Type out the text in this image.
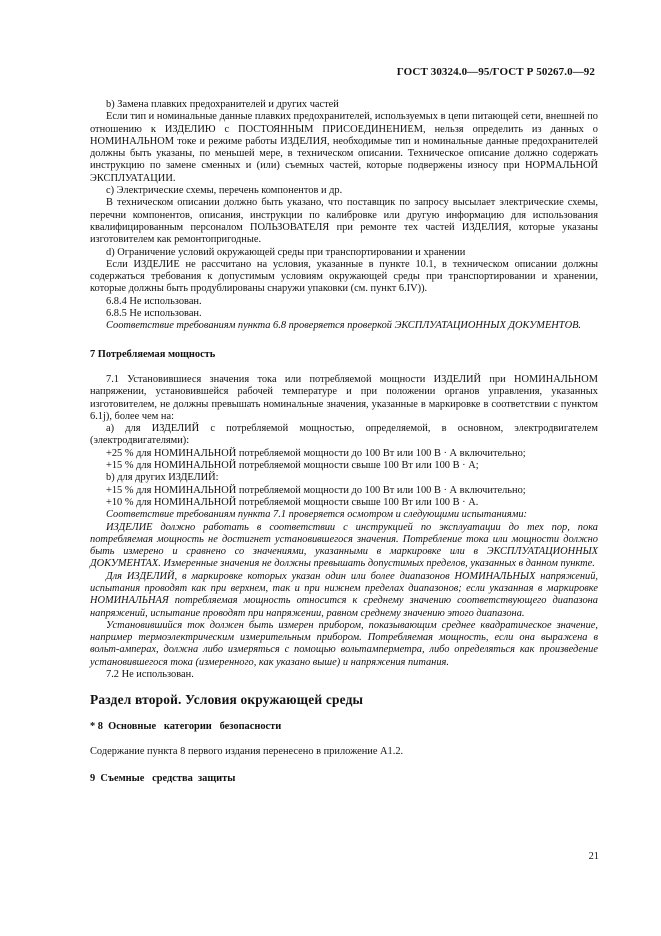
ГОСТ 30324.0—95/ГОСТ Р 50267.0—92

b) Замена плавких предохранителей и других частей

Если тип и номинальные данные плавких предохранителей, используемых в цепи питающей сети, внешней по отношению к ИЗДЕЛИЮ с ПОСТОЯННЫМ ПРИСОЕДИНЕНИЕМ, нельзя определить из данных о НОМИНАЛЬНОМ токе и режиме работы ИЗДЕЛИЯ, необходимые тип и номинальные данные предохранителей должны быть указаны, по меньшей мере, в техническом описании. Техническое описание должно содержать инструкцию по замене сменных и (или) съемных частей, которые подвержены износу при НОРМАЛЬНОЙ ЭКСПЛУАТАЦИИ.

c) Электрические схемы, перечень компонентов и др.

В техническом описании должно быть указано, что поставщик по запросу высылает электрические схемы, перечни компонентов, описания, инструкции по калибровке или другую информацию для использования квалифицированным персоналом ПОЛЬЗОВАТЕЛЯ при ремонте тех частей ИЗДЕЛИЯ, которые указаны изготовителем как ремонтопригодные.

d) Ограничение условий окружающей среды при транспортировании и хранении

Если ИЗДЕЛИЕ не рассчитано на условия, указанные в пункте 10.1, в техническом описании должны содержаться требования к допустимым условиям окружающей среды при транспортировании и хранении, которые должны быть продублированы снаружи упаковки (см. пункт 6.IV)).

6.8.4 Не использован.

6.8.5 Не использован.

Соответствие требованиям пункта 6.8 проверяется проверкой ЭКСПЛУАТАЦИОННЫХ ДОКУМЕНТОВ.

7 Потребляемая мощность

7.1 Установившиеся значения тока или потребляемой мощности ИЗДЕЛИЙ при НОМИНАЛЬНОМ напряжении, установившейся рабочей температуре и при положении органов управления, указанных изготовителем, не должны превышать номинальные значения, указанные в маркировке в соответствии с пунктом 6.1j), более чем на:

a) для ИЗДЕЛИЙ с потребляемой мощностью, определяемой, в основном, электродвигателем (электродвигателями):

+25 % для НОМИНАЛЬНОЙ потребляемой мощности до 100 Вт или 100 В · А включительно;

+15 % для НОМИНАЛЬНОЙ потребляемой мощности свыше 100 Вт или 100 В · А;

b) для других ИЗДЕЛИЙ:

+15 % для НОМИНАЛЬНОЙ потребляемой мощности до 100 Вт или 100 В · А включительно;

+10 % для НОМИНАЛЬНОЙ потребляемой мощности свыше 100 Вт или 100 В · А.

Соответствие требованиям пункта 7.1 проверяется осмотром и следующими испытаниями:

ИЗДЕЛИЕ должно работать в соответствии с инструкцией по эксплуатации до тех пор, пока потребляемая мощность не достигнет установившегося значения. Потребление тока или мощности должно быть измерено и сравнено со значениями, указанными в маркировке или в ЭКСПЛУАТАЦИОННЫХ ДОКУМЕНТАХ. Измеренные значения не должны превышать допустимых пределов, указанных в данном пункте.

Для ИЗДЕЛИЙ, в маркировке которых указан один или более диапазонов НОМИНАЛЬНЫХ напряжений, испытания проводят как при верхнем, так и при нижнем пределах диапазонов; если указанная в маркировке НОМИНАЛЬНАЯ потребляемая мощность относится к среднему значению соответствующего диапазона напряжений, испытание проводят при напряжении, равном среднему значению этого диапазона.

Установившийся ток должен быть измерен прибором, показывающим среднее квадратическое значение, например термоэлектрическим измерительным прибором. Потребляемая мощность, если она выражена в вольт-амперах, должна либо измеряться с помощью вольтамперметра, либо определяться как произведение установившегося тока (измеренного, как указано выше) и напряжения питания.

7.2 Не использован.

Раздел второй. Условия окружающей среды
* 8  Основные   категории   безопасности

Содержание пункта 8 первого издания перенесено в приложение A1.2.

9  Съемные   средства  защиты
21
